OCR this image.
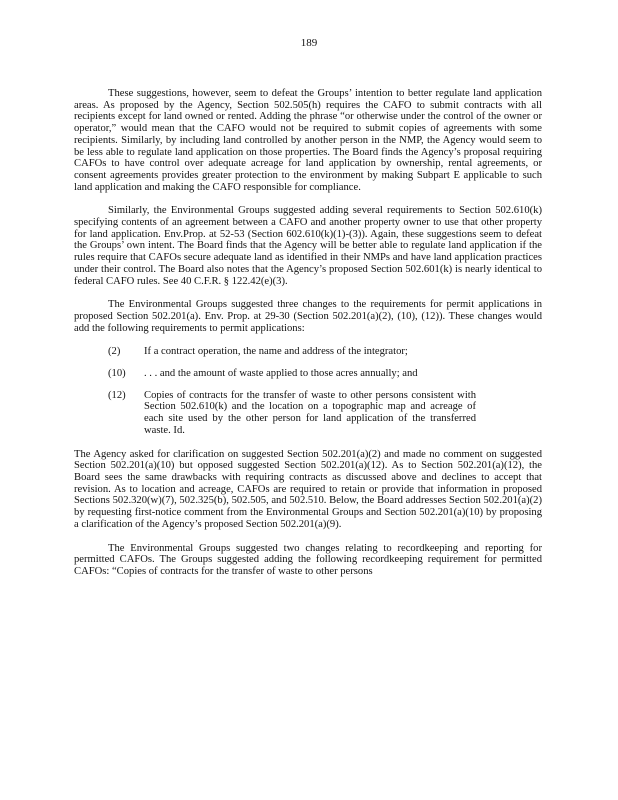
189

These suggestions, however, seem to defeat the Groups’ intention to better regulate land application areas. As proposed by the Agency, Section 502.505(h) requires the CAFO to submit contracts with all recipients except for land owned or rented. Adding the phrase “or otherwise under the control of the owner or operator,” would mean that the CAFO would not be required to submit copies of agreements with some recipients. Similarly, by including land controlled by another person in the NMP, the Agency would seem to be less able to regulate land application on those properties. The Board finds the Agency’s proposal requiring CAFOs to have control over adequate acreage for land application by ownership, rental agreements, or consent agreements provides greater protection to the environment by making Subpart E applicable to such land application and making the CAFO responsible for compliance.

Similarly, the Environmental Groups suggested adding several requirements to Section 502.610(k) specifying contents of an agreement between a CAFO and another property owner to use that other property for land application. Env.Prop. at 52-53 (Section 602.610(k)(1)-(3)). Again, these suggestions seem to defeat the Groups’ own intent. The Board finds that the Agency will be better able to regulate land application if the rules require that CAFOs secure adequate land as identified in their NMPs and have land application practices under their control. The Board also notes that the Agency’s proposed Section 502.601(k) is nearly identical to federal CAFO rules. See 40 C.F.R. § 122.42(e)(3).

The Environmental Groups suggested three changes to the requirements for permit applications in proposed Section 502.201(a). Env. Prop. at 29-30 (Section 502.201(a)(2), (10), (12)). These changes would add the following requirements to permit applications:

(2)	If a contract operation, the name and address of the integrator;
(10)	. . . and the amount of waste applied to those acres annually; and
(12)	Copies of contracts for the transfer of waste to other persons consistent with Section 502.610(k) and the location on a topographic map and acreage of each site used by the other person for land application of the transferred waste. Id.

The Agency asked for clarification on suggested Section 502.201(a)(2) and made no comment on suggested Section 502.201(a)(10) but opposed suggested Section 502.201(a)(12). As to Section 502.201(a)(12), the Board sees the same drawbacks with requiring contracts as discussed above and declines to accept that revision. As to location and acreage, CAFOs are required to retain or provide that information in proposed Sections 502.320(w)(7), 502.325(b), 502.505, and 502.510. Below, the Board addresses Section 502.201(a)(2) by requesting first-notice comment from the Environmental Groups and Section 502.201(a)(10) by proposing a clarification of the Agency’s proposed Section 502.201(a)(9).

The Environmental Groups suggested two changes relating to recordkeeping and reporting for permitted CAFOs. The Groups suggested adding the following recordkeeping requirement for permitted CAFOs: “Copies of contracts for the transfer of waste to other persons
